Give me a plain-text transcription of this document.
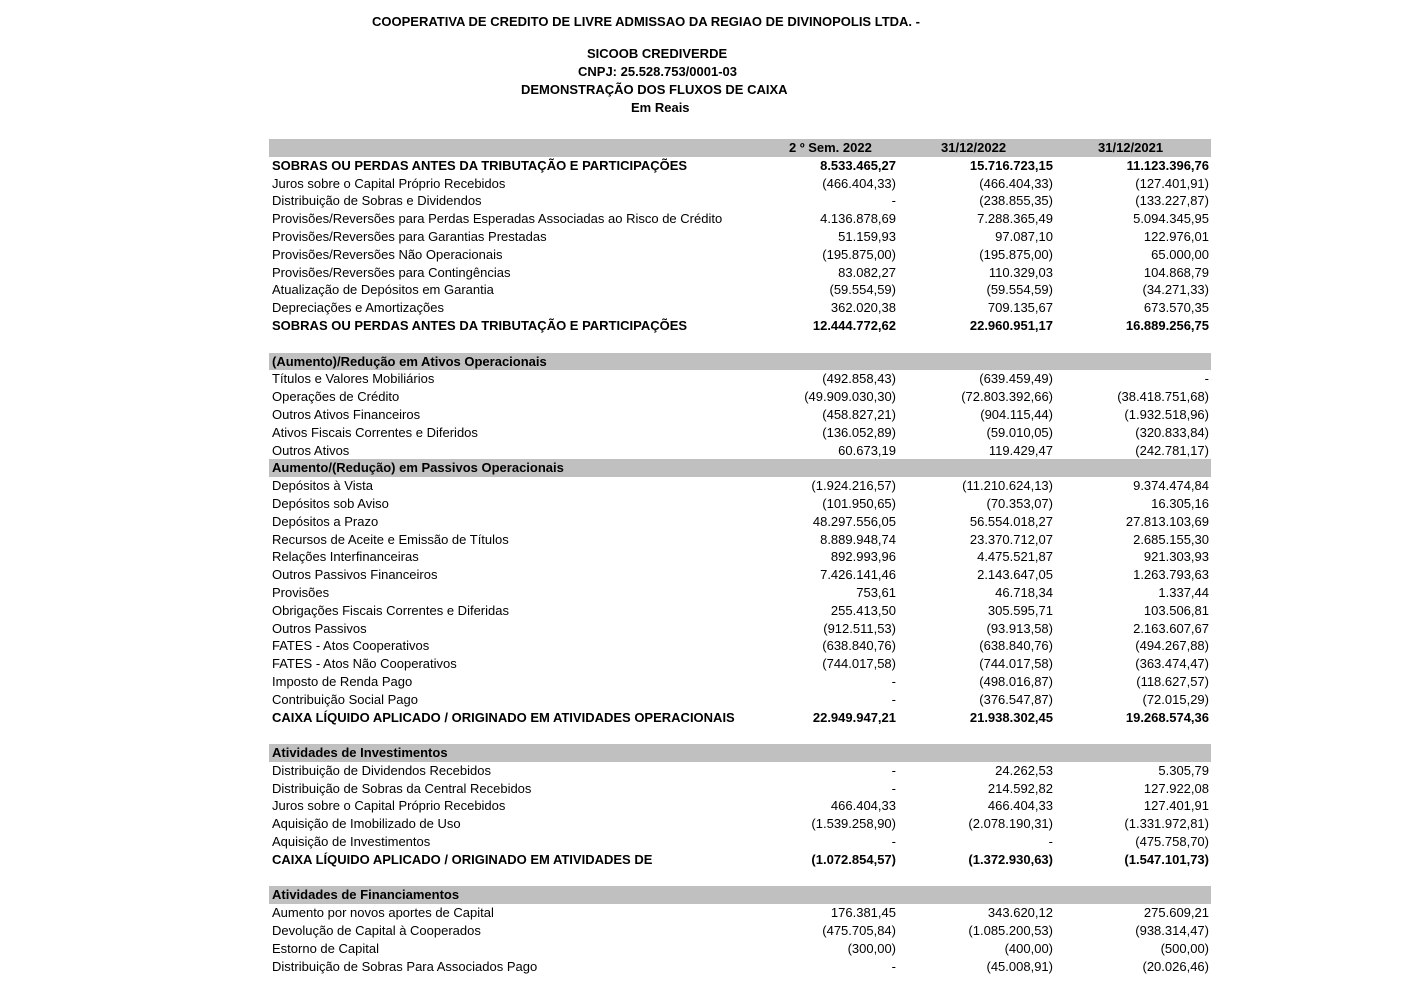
COOPERATIVA DE CREDITO DE LIVRE ADMISSAO DA REGIAO DE DIVINOPOLIS LTDA. -
SICOOB CREDIVERDE
CNPJ: 25.528.753/0001-03
DEMONSTRAÇÃO DOS FLUXOS DE CAIXA
Em Reais
2 º Sem. 2022	31/12/2022	31/12/2021
SOBRAS OU PERDAS ANTES DA TRIBUTAÇÃO E PARTICIPAÇÕES	8.533.465,27	15.716.723,15	11.123.396,76
Juros sobre o Capital Próprio Recebidos	(466.404,33)	(466.404,33)	(127.401,91)
Distribuição de Sobras e Dividendos	-	(238.855,35)	(133.227,87)
Provisões/Reversões para Perdas Esperadas Associadas ao Risco de Crédito	4.136.878,69	7.288.365,49	5.094.345,95
Provisões/Reversões para Garantias Prestadas	51.159,93	97.087,10	122.976,01
Provisões/Reversões Não Operacionais	(195.875,00)	(195.875,00)	65.000,00
Provisões/Reversões para Contingências	83.082,27	110.329,03	104.868,79
Atualização de Depósitos em Garantia	(59.554,59)	(59.554,59)	(34.271,33)
Depreciações e Amortizações	362.020,38	709.135,67	673.570,35
SOBRAS OU PERDAS ANTES DA TRIBUTAÇÃO E PARTICIPAÇÕES	12.444.772,62	22.960.951,17	16.889.256,75
(Aumento)/Redução em Ativos Operacionais
Títulos e Valores Mobiliários	(492.858,43)	(639.459,49)	-
Operações de Crédito	(49.909.030,30)	(72.803.392,66)	(38.418.751,68)
Outros Ativos Financeiros	(458.827,21)	(904.115,44)	(1.932.518,96)
Ativos Fiscais Correntes e Diferidos	(136.052,89)	(59.010,05)	(320.833,84)
Outros Ativos	60.673,19	119.429,47	(242.781,17)
Aumento/(Redução) em Passivos Operacionais
Depósitos à Vista	(1.924.216,57)	(11.210.624,13)	9.374.474,84
Depósitos sob Aviso	(101.950,65)	(70.353,07)	16.305,16
Depósitos a Prazo	48.297.556,05	56.554.018,27	27.813.103,69
Recursos de Aceite e Emissão de Títulos	8.889.948,74	23.370.712,07	2.685.155,30
Relações Interfinanceiras	892.993,96	4.475.521,87	921.303,93
Outros Passivos Financeiros	7.426.141,46	2.143.647,05	1.263.793,63
Provisões	753,61	46.718,34	1.337,44
Obrigações Fiscais Correntes e Diferidas	255.413,50	305.595,71	103.506,81
Outros Passivos	(912.511,53)	(93.913,58)	2.163.607,67
FATES - Atos Cooperativos	(638.840,76)	(638.840,76)	(494.267,88)
FATES - Atos Não Cooperativos	(744.017,58)	(744.017,58)	(363.474,47)
Imposto de Renda Pago	-	(498.016,87)	(118.627,57)
Contribuição Social Pago	-	(376.547,87)	(72.015,29)
CAIXA LÍQUIDO APLICADO / ORIGINADO EM ATIVIDADES OPERACIONAIS	22.949.947,21	21.938.302,45	19.268.574,36
Atividades de Investimentos
Distribuição de Dividendos Recebidos	-	24.262,53	5.305,79
Distribuição de Sobras da Central Recebidos	-	214.592,82	127.922,08
Juros sobre o Capital Próprio Recebidos	466.404,33	466.404,33	127.401,91
Aquisição de Imobilizado de Uso	(1.539.258,90)	(2.078.190,31)	(1.331.972,81)
Aquisição de Investimentos	-	-	(475.758,70)
CAIXA LÍQUIDO APLICADO / ORIGINADO EM ATIVIDADES DE	(1.072.854,57)	(1.372.930,63)	(1.547.101,73)
Atividades de Financiamentos
Aumento por novos aportes de Capital	176.381,45	343.620,12	275.609,21
Devolução de Capital à Cooperados	(475.705,84)	(1.085.200,53)	(938.314,47)
Estorno de Capital	(300,00)	(400,00)	(500,00)
Distribuição de Sobras Para Associados Pago	-	(45.008,91)	(20.026,46)
